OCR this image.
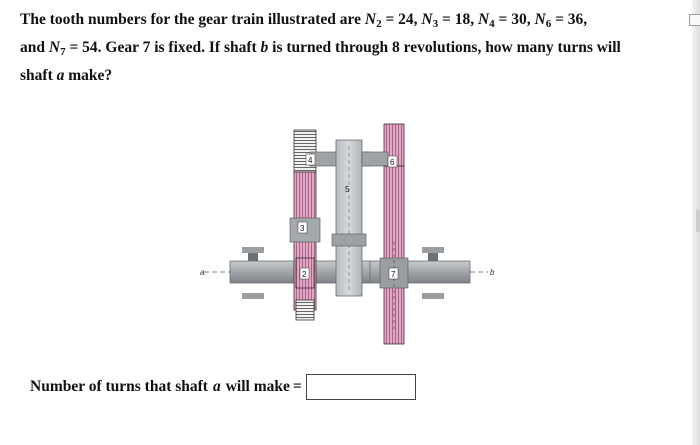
The tooth numbers for the gear train illustrated are $N_2 = 24$, $N_3 = 18$, $N_4 = 30$, $N_6 = 36$,
and $N_7 = 54$. Gear 7 is fixed. If shaft b is turned through 8 revolutions, how many turns will
shaft a make?
a	b
4
3
5
2
6
7
Number of turns that shaft a will make =
